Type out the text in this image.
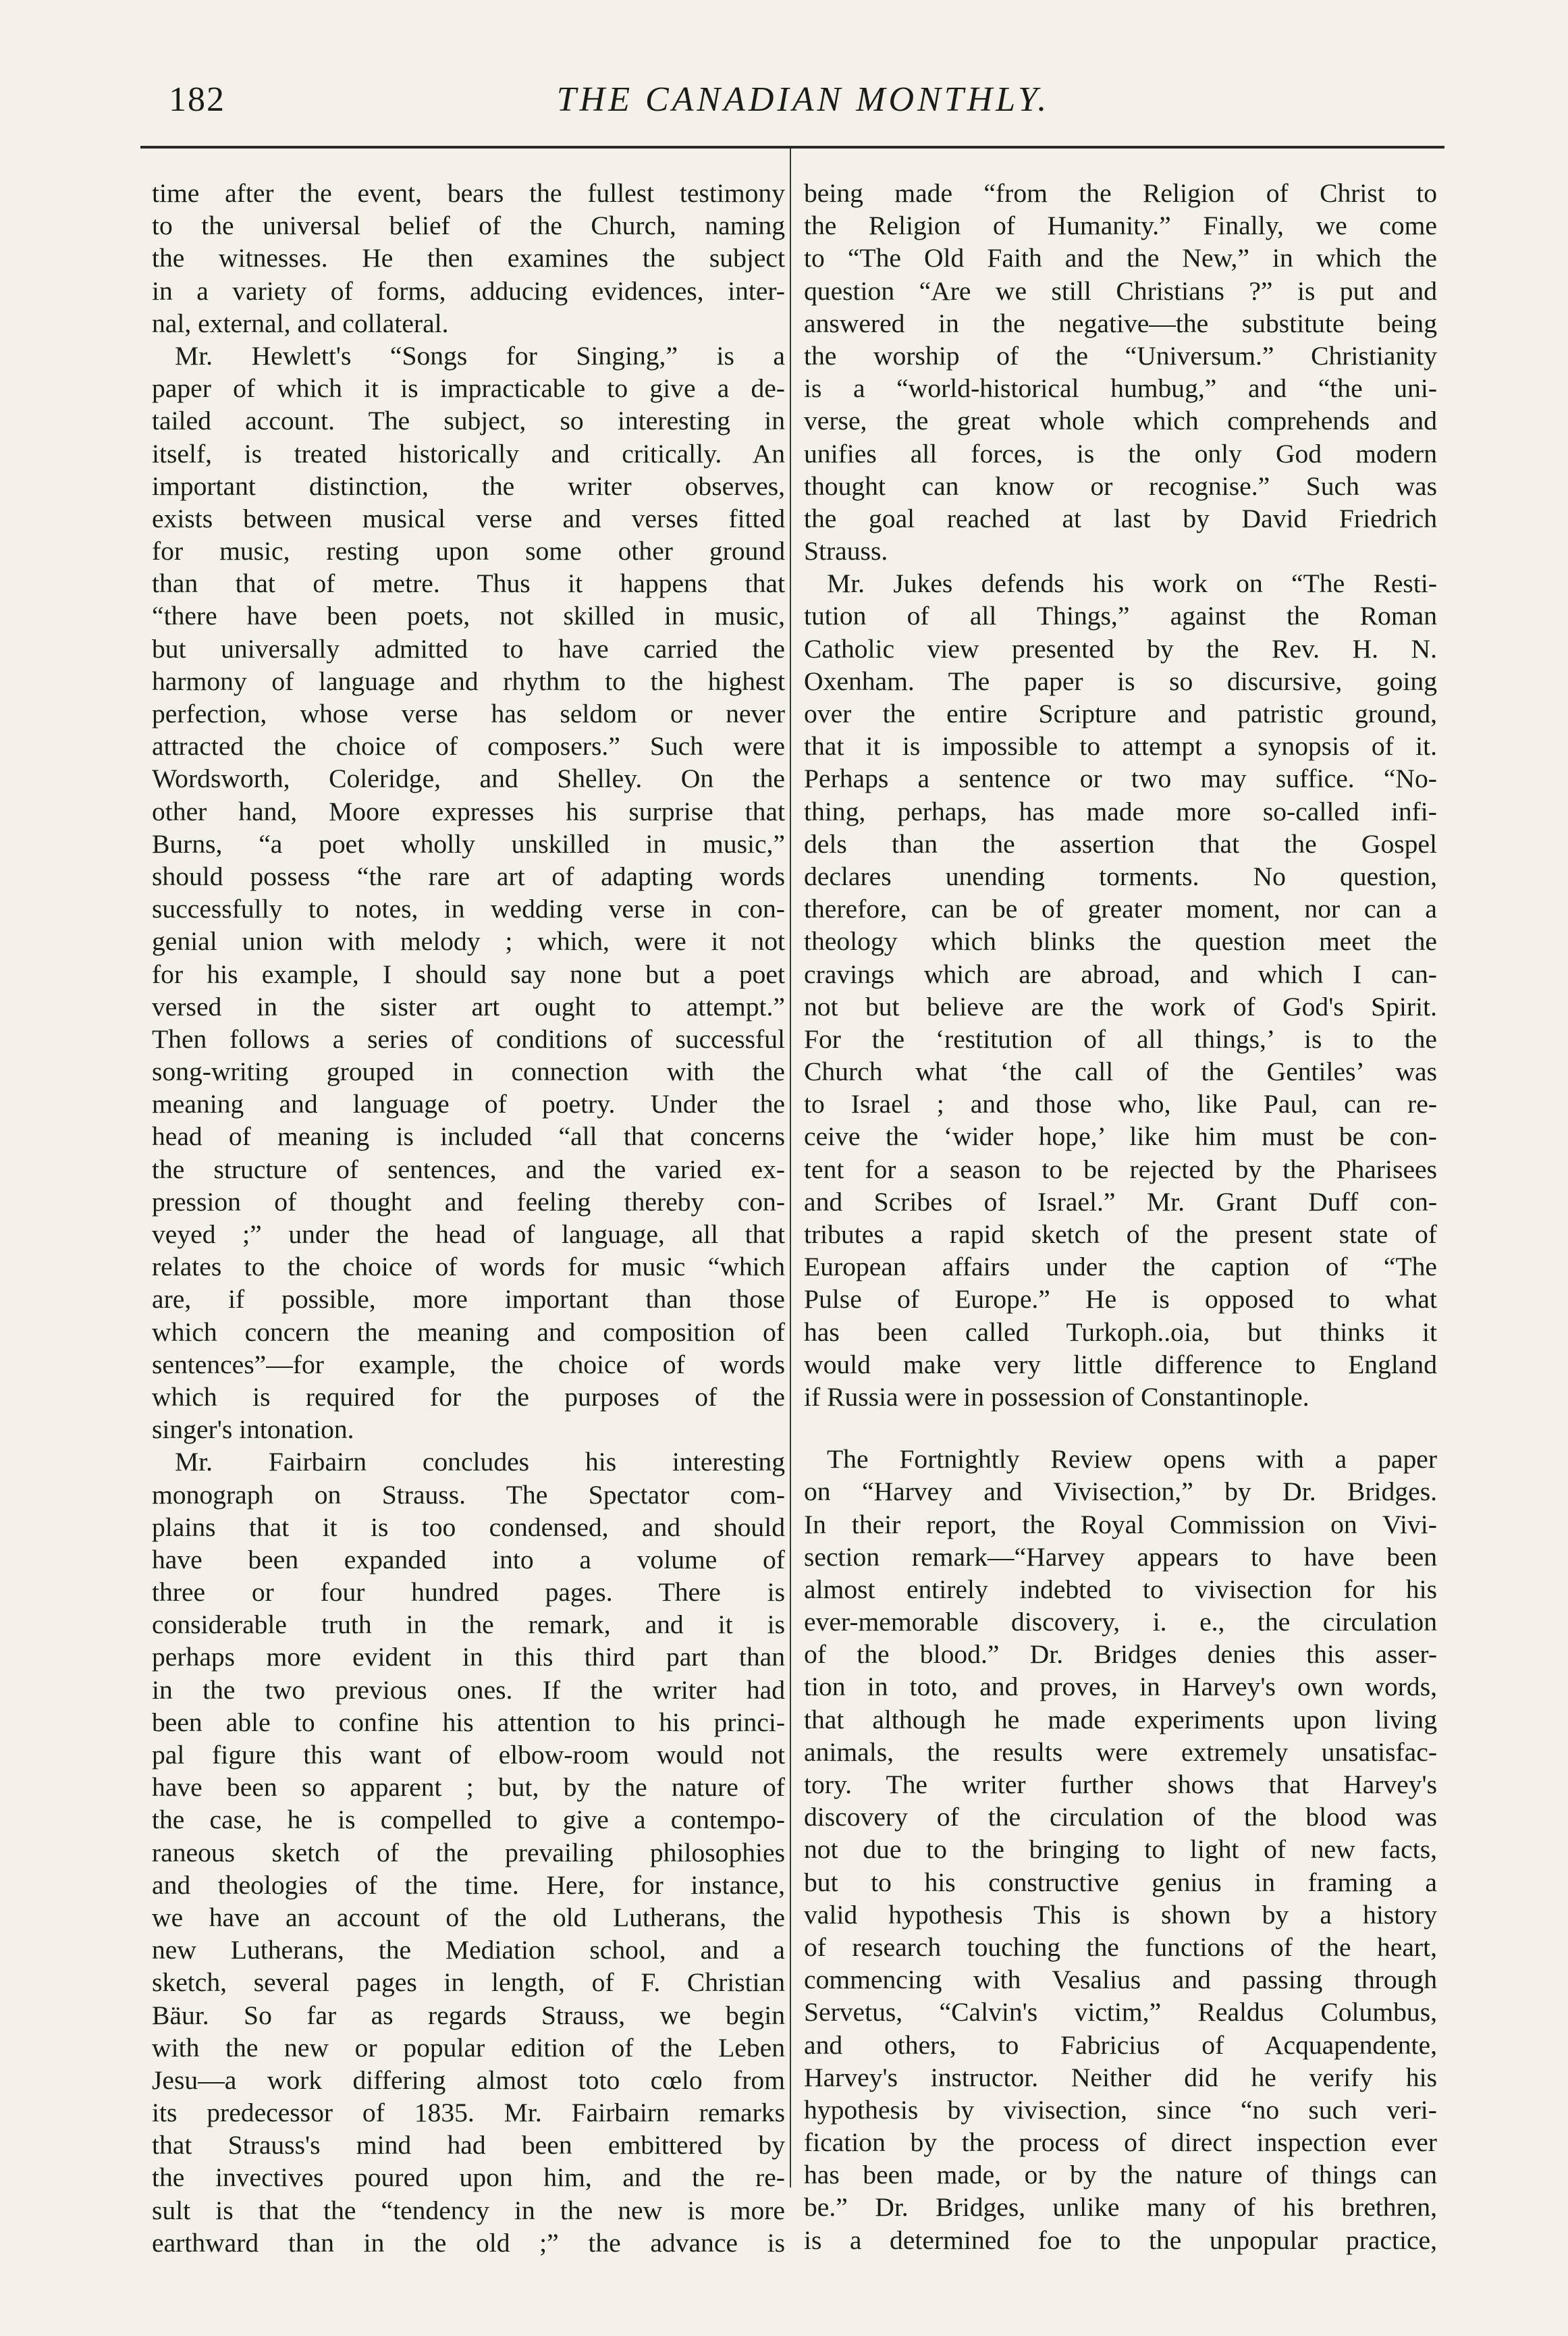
182	THE CANADIAN MONTHLY.
time after the event, bears the fullest testimony
to the universal belief of the Church, naming
the witnesses. He then examines the subject
in a variety of forms, adducing evidences, inter-
nal, external, and collateral.
Mr. Hewlett's “Songs for Singing,” is a
paper of which it is impracticable to give a de-
tailed account. The subject, so interesting in
itself, is treated historically and critically. An
important distinction, the writer observes,
exists between musical verse and verses fitted
for music, resting upon some other ground
than that of metre. Thus it happens that
“there have been poets, not skilled in music,
but universally admitted to have carried the
harmony of language and rhythm to the highest
perfection, whose verse has seldom or never
attracted the choice of composers.” Such were
Wordsworth, Coleridge, and Shelley. On the
other hand, Moore expresses his surprise that
Burns, “a poet wholly unskilled in music,”
should possess “the rare art of adapting words
successfully to notes, in wedding verse in con-
genial union with melody ; which, were it not
for his example, I should say none but a poet
versed in the sister art ought to attempt.”
Then follows a series of conditions of successful
song-writing grouped in connection with the
meaning and language of poetry. Under the
head of meaning is included “all that concerns
the structure of sentences, and the varied ex-
pression of thought and feeling thereby con-
veyed ;” under the head of language, all that
relates to the choice of words for music “which
are, if possible, more important than those
which concern the meaning and composition of
sentences”—for example, the choice of words
which is required for the purposes of the
singer's intonation.
Mr. Fairbairn concludes his interesting
monograph on Strauss. The Spectator com-
plains that it is too condensed, and should
have been expanded into a volume of
three or four hundred pages. There is
considerable truth in the remark, and it is
perhaps more evident in this third part than
in the two previous ones. If the writer had
been able to confine his attention to his princi-
pal figure this want of elbow-room would not
have been so apparent ; but, by the nature of
the case, he is compelled to give a contempo-
raneous sketch of the prevailing philosophies
and theologies of the time. Here, for instance,
we have an account of the old Lutherans, the
new Lutherans, the Mediation school, and a
sketch, several pages in length, of F. Christian
Bäur. So far as regards Strauss, we begin
with the new or popular edition of the Leben
Jesu—a work differing almost toto cœlo from
its predecessor of 1835. Mr. Fairbairn remarks
that Strauss's mind had been embittered by
the invectives poured upon him, and the re-
sult is that the “tendency in the new is more
earthward than in the old ;” the advance is
being made “from the Religion of Christ to
the Religion of Humanity.” Finally, we come
to “The Old Faith and the New,” in which the
question “Are we still Christians ?” is put and
answered in the negative—the substitute being
the worship of the “Universum.” Christianity
is a “world-historical humbug,” and “the uni-
verse, the great whole which comprehends and
unifies all forces, is the only God modern
thought can know or recognise.” Such was
the goal reached at last by David Friedrich
Strauss.
Mr. Jukes defends his work on “The Resti-
tution of all Things,” against the Roman
Catholic view presented by the Rev. H. N.
Oxenham. The paper is so discursive, going
over the entire Scripture and patristic ground,
that it is impossible to attempt a synopsis of it.
Perhaps a sentence or two may suffice. “No-
thing, perhaps, has made more so-called infi-
dels than the assertion that the Gospel
declares unending torments. No question,
therefore, can be of greater moment, nor can a
theology which blinks the question meet the
cravings which are abroad, and which I can-
not but believe are the work of God's Spirit.
For the ‘restitution of all things,’ is to the
Church what ‘the call of the Gentiles’ was
to Israel ; and those who, like Paul, can re-
ceive the ‘wider hope,’ like him must be con-
tent for a season to be rejected by the Pharisees
and Scribes of Israel.” Mr. Grant Duff con-
tributes a rapid sketch of the present state of
European affairs under the caption of “The
Pulse of Europe.” He is opposed to what
has been called Turkoph..oia, but thinks it
would make very little difference to England
if Russia were in possession of Constantinople.
The Fortnightly Review opens with a paper
on “Harvey and Vivisection,” by Dr. Bridges.
In their report, the Royal Commission on Vivi-
section remark—“Harvey appears to have been
almost entirely indebted to vivisection for his
ever-memorable discovery, i. e., the circulation
of the blood.” Dr. Bridges denies this asser-
tion in toto, and proves, in Harvey's own words,
that although he made experiments upon living
animals, the results were extremely unsatisfac-
tory. The writer further shows that Harvey's
discovery of the circulation of the blood was
not due to the bringing to light of new facts,
but to his constructive genius in framing a
valid hypothesis This is shown by a history
of research touching the functions of the heart,
commencing with Vesalius and passing through
Servetus, “Calvin's victim,” Realdus Columbus,
and others, to Fabricius of Acquapendente,
Harvey's instructor. Neither did he verify his
hypothesis by vivisection, since “no such veri-
fication by the process of direct inspection ever
has been made, or by the nature of things can
be.” Dr. Bridges, unlike many of his brethren,
is a determined foe to the unpopular practice,
